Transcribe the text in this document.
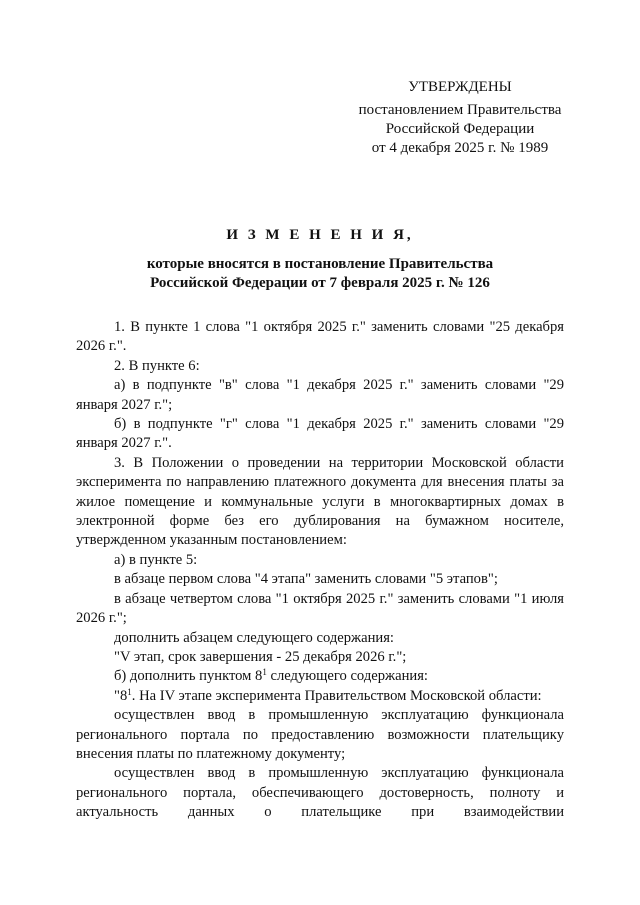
УТВЕРЖДЕНЫ
постановлением Правительства
Российской Федерации
от 4 декабря 2025 г. № 1989
И З М Е Н Е Н И Я,
которые вносятся в постановление Правительства
Российской Федерации от 7 февраля 2025 г. № 126
1. В пункте 1 слова "1 октября 2025 г." заменить словами "25 декабря 2026 г.".
2. В пункте 6:
а) в подпункте "в" слова "1 декабря 2025 г." заменить словами "29 января 2027 г.";
б) в подпункте "г" слова "1 декабря 2025 г." заменить словами "29 января 2027 г.".
3. В Положении о проведении на территории Московской области эксперимента по направлению платежного документа для внесения платы за жилое помещение и коммунальные услуги в многоквартирных домах в электронной форме без его дублирования на бумажном носителе, утвержденном указанным постановлением:
а) в пункте 5:
в абзаце первом слова "4 этапа" заменить словами "5 этапов";
в абзаце четвертом слова "1 октября 2025 г." заменить словами "1 июля 2026 г.";
дополнить абзацем следующего содержания:
"V этап, срок завершения - 25 декабря 2026 г.";
б) дополнить пунктом $8^1$ следующего содержания:
"$8^1$. На IV этапе эксперимента Правительством Московской области:
осуществлен ввод в промышленную эксплуатацию функционала регионального портала по предоставлению возможности плательщику внесения платы по платежному документу;
осуществлен ввод в промышленную эксплуатацию функционала регионального портала, обеспечивающего достоверность, полноту и актуальность данных о плательщике при взаимодействии
